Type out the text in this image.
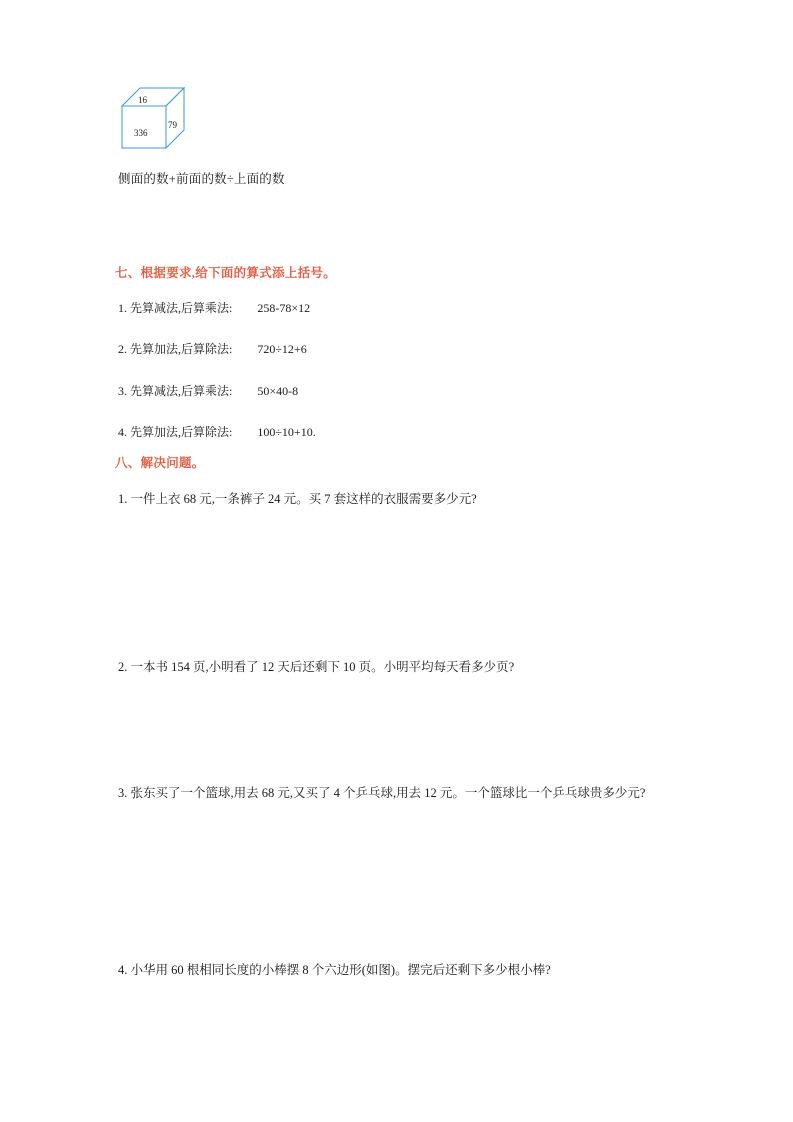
16
336
79
侧面的数+前面的数÷上面的数
七、根据要求,给下面的算式添上括号。
1. 先算减法,后算乘法: 258-78×12
2. 先算加法,后算除法: 720÷12+6
3. 先算减法,后算乘法: 50×40-8
4. 先算加法,后算除法: 100÷10+10.
八、解决问题。
1. 一件上衣 68 元,一条裤子 24 元。买 7 套这样的衣服需要多少元?
2. 一本书 154 页,小明看了 12 天后还剩下 10 页。小明平均每天看多少页?
3. 张东买了一个篮球,用去 68 元,又买了 4 个乒乓球,用去 12 元。一个篮球比一个乒乓球贵多少元?
4. 小华用 60 根相同长度的小棒摆 8 个六边形(如图)。摆完后还剩下多少根小棒?
